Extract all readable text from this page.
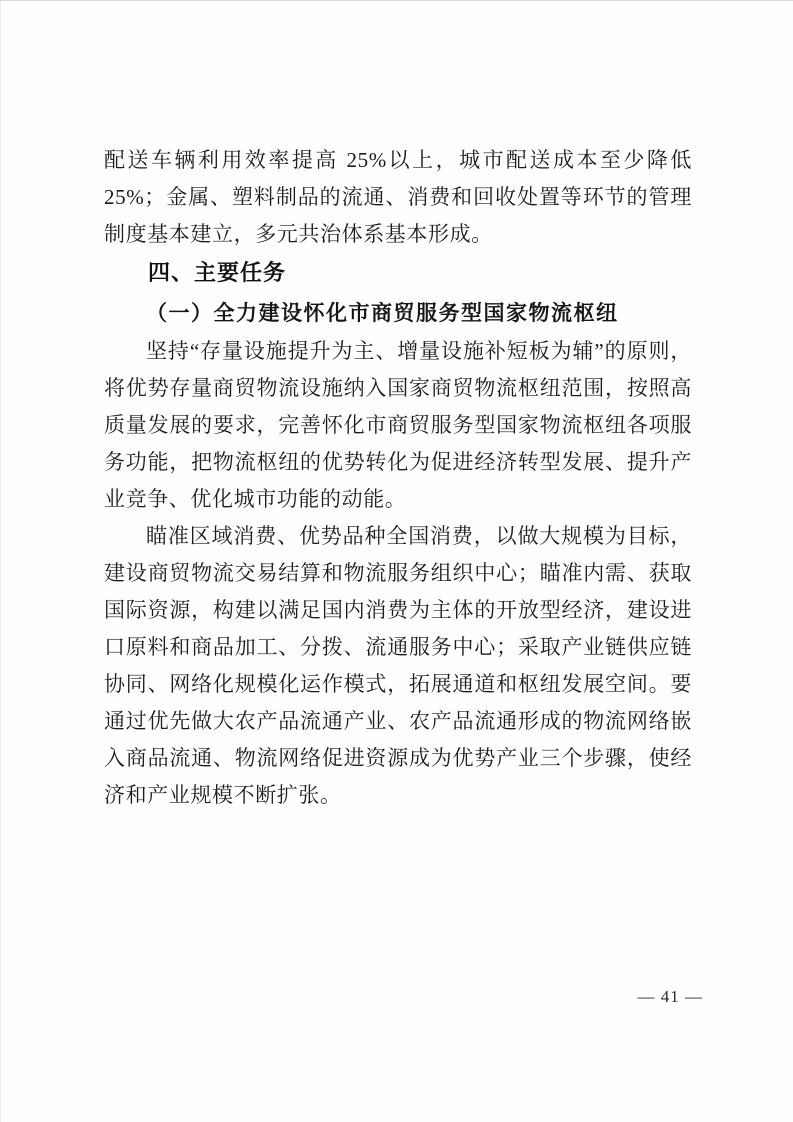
配送车辆利用效率提高 25%以上，城市配送成本至少降低 25%；金属、塑料制品的流通、消费和回收处置等环节的管理制度基本建立，多元共治体系基本形成。

四、主要任务
（一）全力建设怀化市商贸服务型国家物流枢纽

坚持“存量设施提升为主、增量设施补短板为辅”的原则，将优势存量商贸物流设施纳入国家商贸物流枢纽范围，按照高质量发展的要求，完善怀化市商贸服务型国家物流枢纽各项服务功能，把物流枢纽的优势转化为促进经济转型发展、提升产业竞争、优化城市功能的动能。

瞄准区域消费、优势品种全国消费，以做大规模为目标，建设商贸物流交易结算和物流服务组织中心；瞄准内需、获取国际资源，构建以满足国内消费为主体的开放型经济，建设进口原料和商品加工、分拨、流通服务中心；采取产业链供应链协同、网络化规模化运作模式，拓展通道和枢纽发展空间。要通过优先做大农产品流通产业、农产品流通形成的物流网络嵌入商品流通、物流网络促进资源成为优势产业三个步骤，使经济和产业规模不断扩张。

— 41 —
